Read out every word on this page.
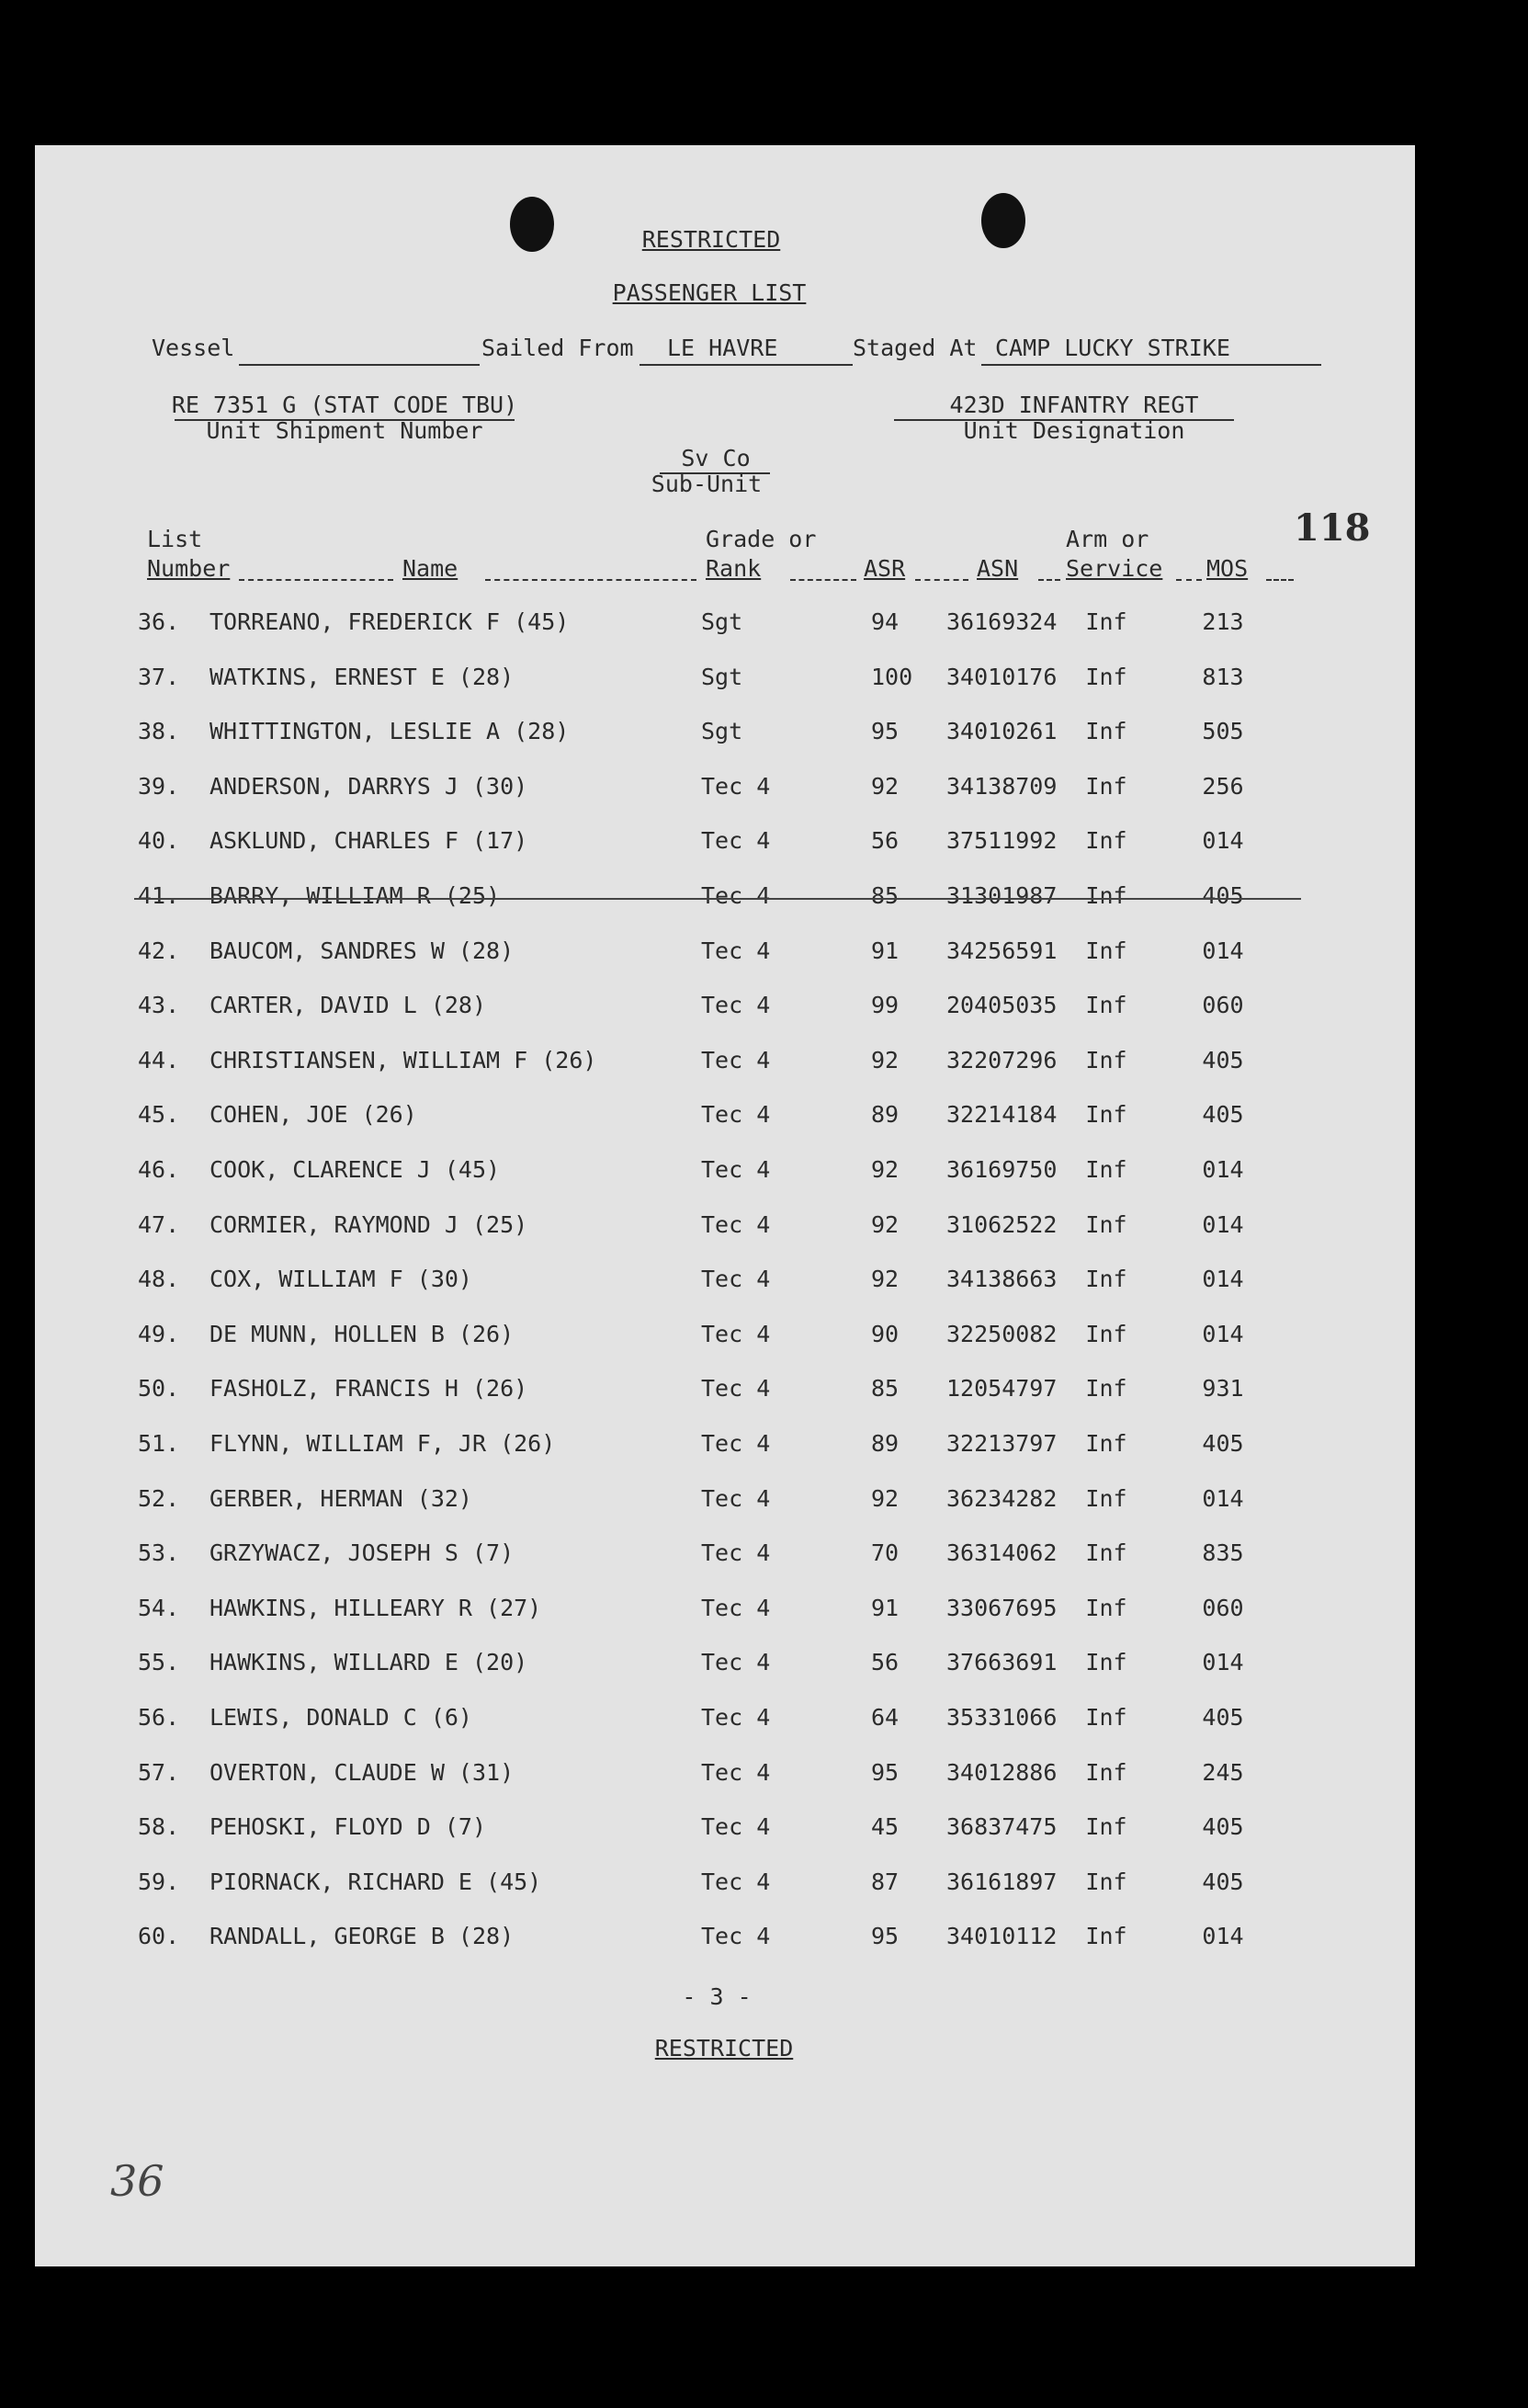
RESTRICTED
PASSENGER LIST
Vessel	Sailed From LE HAVRE	Staged At CAMP LUCKY STRIKE
RE 7351 G (STAT CODE TBU)
Unit Shipment Number
423D INFANTRY REGT
Unit Designation
Sv Co
Sub-Unit
118
List
Number	Name
Grade or
Rank	ASR	ASN
Arm or
Service MOS
36. TORREANO, FREDERICK F (45)	Sgt	94 36169324 Inf	213
37. WATKINS, ERNEST E (28)	Sgt	100 34010176 Inf	813
38. WHITTINGTON, LESLIE A (28)	Sgt	95 34010261 Inf	505
39. ANDERSON, DARRYS J (30)	Tec 4	92 34138709 Inf	256
40. ASKLUND, CHARLES F (17)	Tec 4	56 37511992 Inf	014
41. BARRY, WILLIAM R (25)	Tec 4	85 31301987 Inf	405
42. BAUCOM, SANDRES W (28)	Tec 4	91 34256591 Inf	014
43. CARTER, DAVID L (28)	Tec 4	99 20405035 Inf	060
44. CHRISTIANSEN, WILLIAM F (26)	Tec 4	92 32207296 Inf	405
45. COHEN, JOE (26)	Tec 4	89 32214184 Inf	405
46. COOK, CLARENCE J (45)	Tec 4	92 36169750 Inf	014
47. CORMIER, RAYMOND J (25)	Tec 4	92 31062522 Inf	014
48. COX, WILLIAM F (30)	Tec 4	92 34138663 Inf	014
49. DE MUNN, HOLLEN B (26)	Tec 4	90 32250082 Inf	014
50. FASHOLZ, FRANCIS H (26)	Tec 4	85 12054797 Inf	931
51. FLYNN, WILLIAM F, JR (26)	Tec 4	89 32213797 Inf	405
52. GERBER, HERMAN (32)	Tec 4	92 36234282 Inf	014
53. GRZYWACZ, JOSEPH S (7)	Tec 4	70 36314062 Inf	835
54. HAWKINS, HILLEARY R (27)	Tec 4	91 33067695 Inf	060
55. HAWKINS, WILLARD E (20)	Tec 4	56 37663691 Inf	014
56. LEWIS, DONALD C (6)	Tec 4	64 35331066 Inf	405
57. OVERTON, CLAUDE W (31)	Tec 4	95 34012886 Inf	245
58. PEHOSKI, FLOYD D (7)	Tec 4	45 36837475 Inf	405
59. PIORNACK, RICHARD E (45)	Tec 4	87 36161897 Inf	405
60. RANDALL, GEORGE B (28)	Tec 4	95 34010112 Inf	014
- 3 -
RESTRICTED
36
